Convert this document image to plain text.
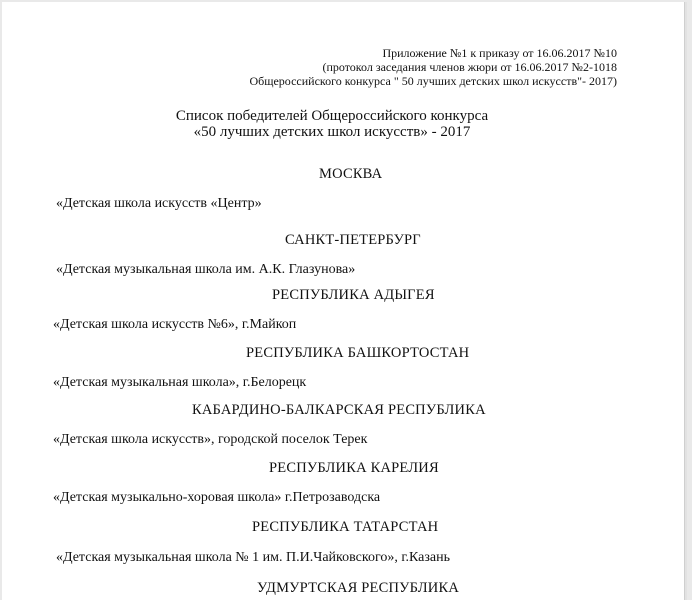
Приложение №1 к приказу от 16.06.2017 №10
(протокол заседания членов жюри от 16.06.2017 №2-1018
Общероссийского конкурса " 50 лучших детских школ искусств"- 2017)
Список победителей Общероссийского конкурса
«50 лучших детских школ искусств» - 2017
МОСКВА
«Детская школа искусств «Центр»
САНКТ-ПЕТЕРБУРГ
«Детская музыкальная школа им. А.К. Глазунова»
РЕСПУБЛИКА АДЫГЕЯ
«Детская школа искусств №6», г.Майкоп
РЕСПУБЛИКА БАШКОРТОСТАН
«Детская музыкальная школа», г.Белорецк
КАБАРДИНО-БАЛКАРСКАЯ РЕСПУБЛИКА
«Детская школа искусств», городской поселок Терек
РЕСПУБЛИКА КАРЕЛИЯ
«Детская музыкально-хоровая школа» г.Петрозаводска
РЕСПУБЛИКА ТАТАРСТАН
«Детская музыкальная школа № 1 им. П.И.Чайковского», г.Казань
УДМУРТСКАЯ РЕСПУБЛИКА
